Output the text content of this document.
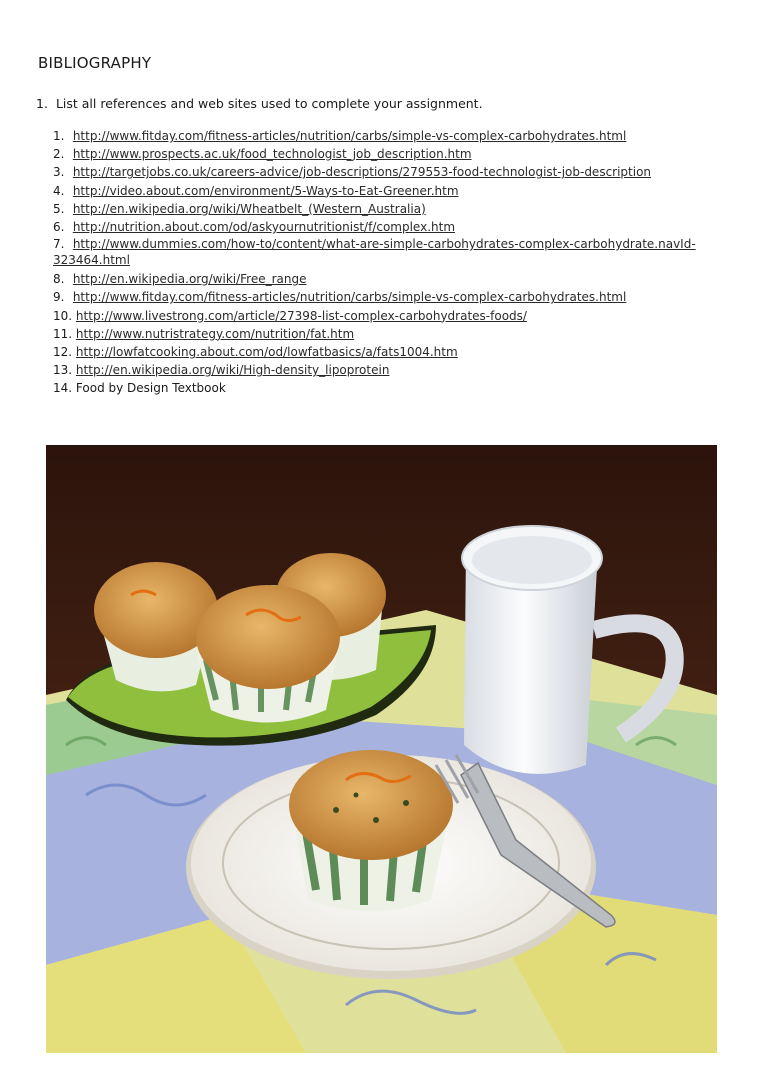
BIBLIOGRAPHY
1. List all references and web sites used to complete your assignment.
1. http://www.fitday.com/fitness-articles/nutrition/carbs/simple-vs-complex-carbohydrates.html
2. http://www.prospects.ac.uk/food_technologist_job_description.htm
3. http://targetjobs.co.uk/careers-advice/job-descriptions/279553-food-technologist-job-description
4. http://video.about.com/environment/5-Ways-to-Eat-Greener.htm
5. http://en.wikipedia.org/wiki/Wheatbelt_(Western_Australia)
6. http://nutrition.about.com/od/askyournutritionist/f/complex.htm
7. http://www.dummies.com/how-to/content/what-are-simple-carbohydrates-complex-carbohydrate.navId-323464.html
8. http://en.wikipedia.org/wiki/Free_range
9. http://www.fitday.com/fitness-articles/nutrition/carbs/simple-vs-complex-carbohydrates.html
10. http://www.livestrong.com/article/27398-list-complex-carbohydrates-foods/
11. http://www.nutristrategy.com/nutrition/fat.htm
12. http://lowfatcooking.about.com/od/lowfatbasics/a/fats1004.htm
13. http://en.wikipedia.org/wiki/High-density_lipoprotein
14. Food by Design Textbook
